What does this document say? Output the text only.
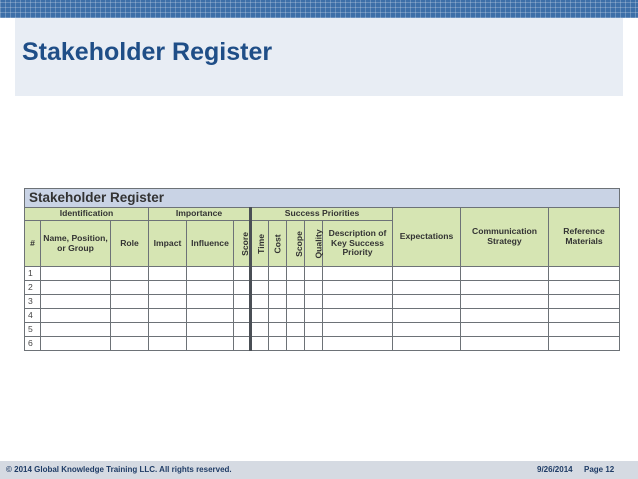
Stakeholder Register
Stakeholder Register													
Identification			Importance			Success Priorities					Expectations	Communication Strategy	Reference Materials
#	Name, Position, or Group	Role	Impact	Influence	Score	Time	Cost	Scope	Quality	Description of Key Success Priority			
1													
2													
3													
4													
5													
6													
© 2014 Global Knowledge Training LLC. All rights reserved.	9/26/2014 Page 12
